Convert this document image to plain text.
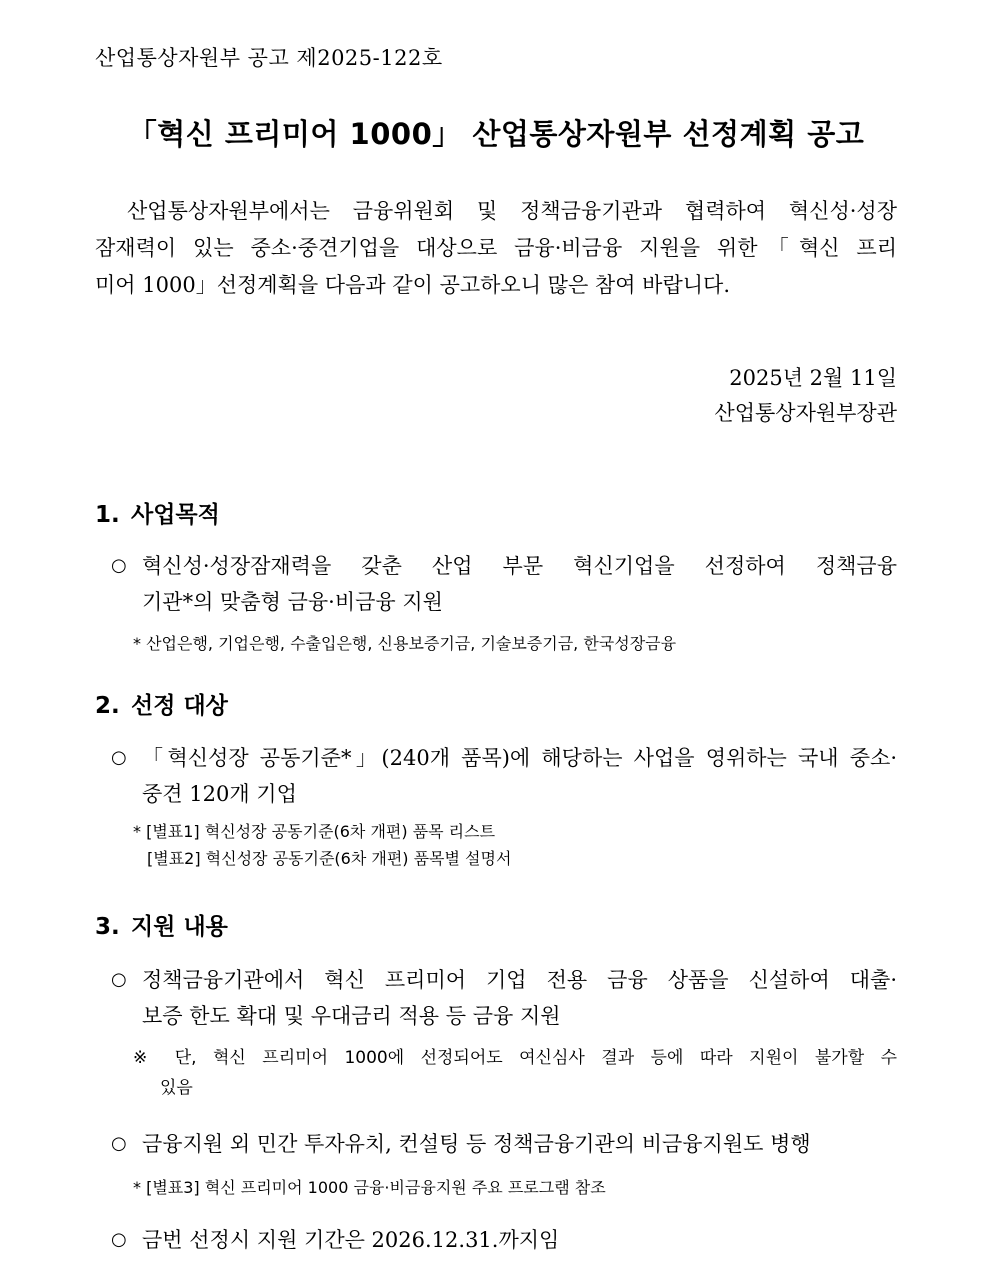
산업통상자원부 공고 제2025-122호
「혁신 프리미어 1000」 산업통상자원부 선정계획 공고
산업통상자원부에서는 금융위원회 및 정책금융기관과 협력하여 혁신성·성장
잠재력이 있는 중소·중견기업을 대상으로 금융·비금융 지원을 위한「혁신 프리
미어 1000」선정계획을 다음과 같이 공고하오니 많은 참여 바랍니다.
2025년 2월 11일
산업통상자원부장관
1. 사업목적
○ 혁신성·성장잠재력을 갖춘 산업 부문 혁신기업을 선정하여 정책금융
기관*의 맞춤형 금융·비금융 지원
* 산업은행, 기업은행, 수출입은행, 신용보증기금, 기술보증기금, 한국성장금융
2. 선정 대상
○ 「혁신성장 공동기준*」(240개 품목)에 해당하는 사업을 영위하는 국내 중소·
중견 120개 기업
* [별표1] 혁신성장 공동기준(6차 개편) 품목 리스트
[별표2] 혁신성장 공동기준(6차 개편) 품목별 설명서
3. 지원 내용
○ 정책금융기관에서 혁신 프리미어 기업 전용 금융 상품을 신설하여 대출·
보증 한도 확대 및 우대금리 적용 등 금융 지원
※ 단, 혁신 프리미어 1000에 선정되어도 여신심사 결과 등에 따라 지원이 불가할 수
있음
○ 금융지원 외 민간 투자유치, 컨설팅 등 정책금융기관의 비금융지원도 병행
* [별표3] 혁신 프리미어 1000 금융·비금융지원 주요 프로그램 참조
○ 금번 선정시 지원 기간은 2026.12.31.까지임
